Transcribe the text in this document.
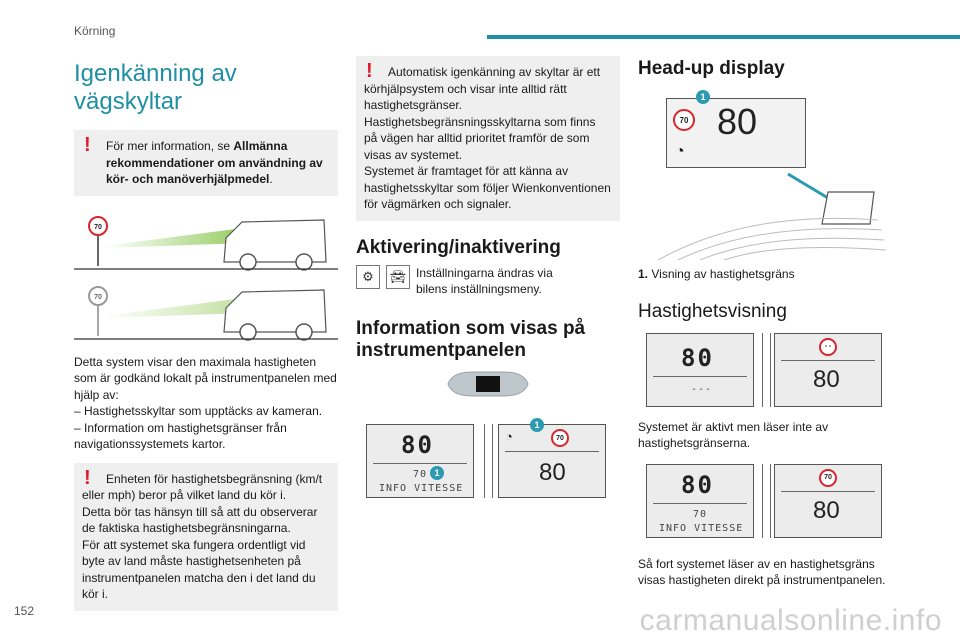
Körning
Igenkänning av vägskyltar
!	För mer information, se Allmänna rekommendationer om användning av kör- och manöverhjälpmedel.
70
70
Detta system visar den maximala hastigheten som är godkänd lokalt på instrumentpanelen med hjälp av:
– Hastighetsskyltar som upptäcks av kameran.
– Information om hastighetsgränser från navigationssystemets kartor.
!	Enheten för hastighetsbegränsning (km/t eller mph) beror på vilket land du kör i.
Detta bör tas hänsyn till så att du observerar de faktiska hastighetsbegränsningarna.
För att systemet ska fungera ordentligt vid byte av land måste hastighetsenheten på instrumentpanelen matcha den i det land du kör i.
!	Automatisk igenkänning av skyltar är ett körhjälpsystem och visar inte alltid rätt hastighetsgränser.
Hastighetsbegränsningsskyltarna som finns på vägen har alltid prioritet framför de som visas av systemet.
Systemet är framtaget för att känna av hastighetsskyltar som följer Wienkonventionen för vägmärken och signaler.
Aktivering/inaktivering
⚙	🚘︎ Inställningarna ändras via bilens inställningsmeny.
Information som visas på instrumentpanelen
80
70
INFO VITESSE
1
◔	70
80
1
Head-up display
70 80
◔
1
1. Visning av hastighetsgräns
Hastighetsvisning
80
---
- -
80
Systemet är aktivt men läser inte av hastighetsgränserna.
80
70
INFO VITESSE
70
80
Så fort systemet läser av en hastighetsgräns visas hastigheten direkt på instrumentpanelen.
152	carmanualsonline.info
